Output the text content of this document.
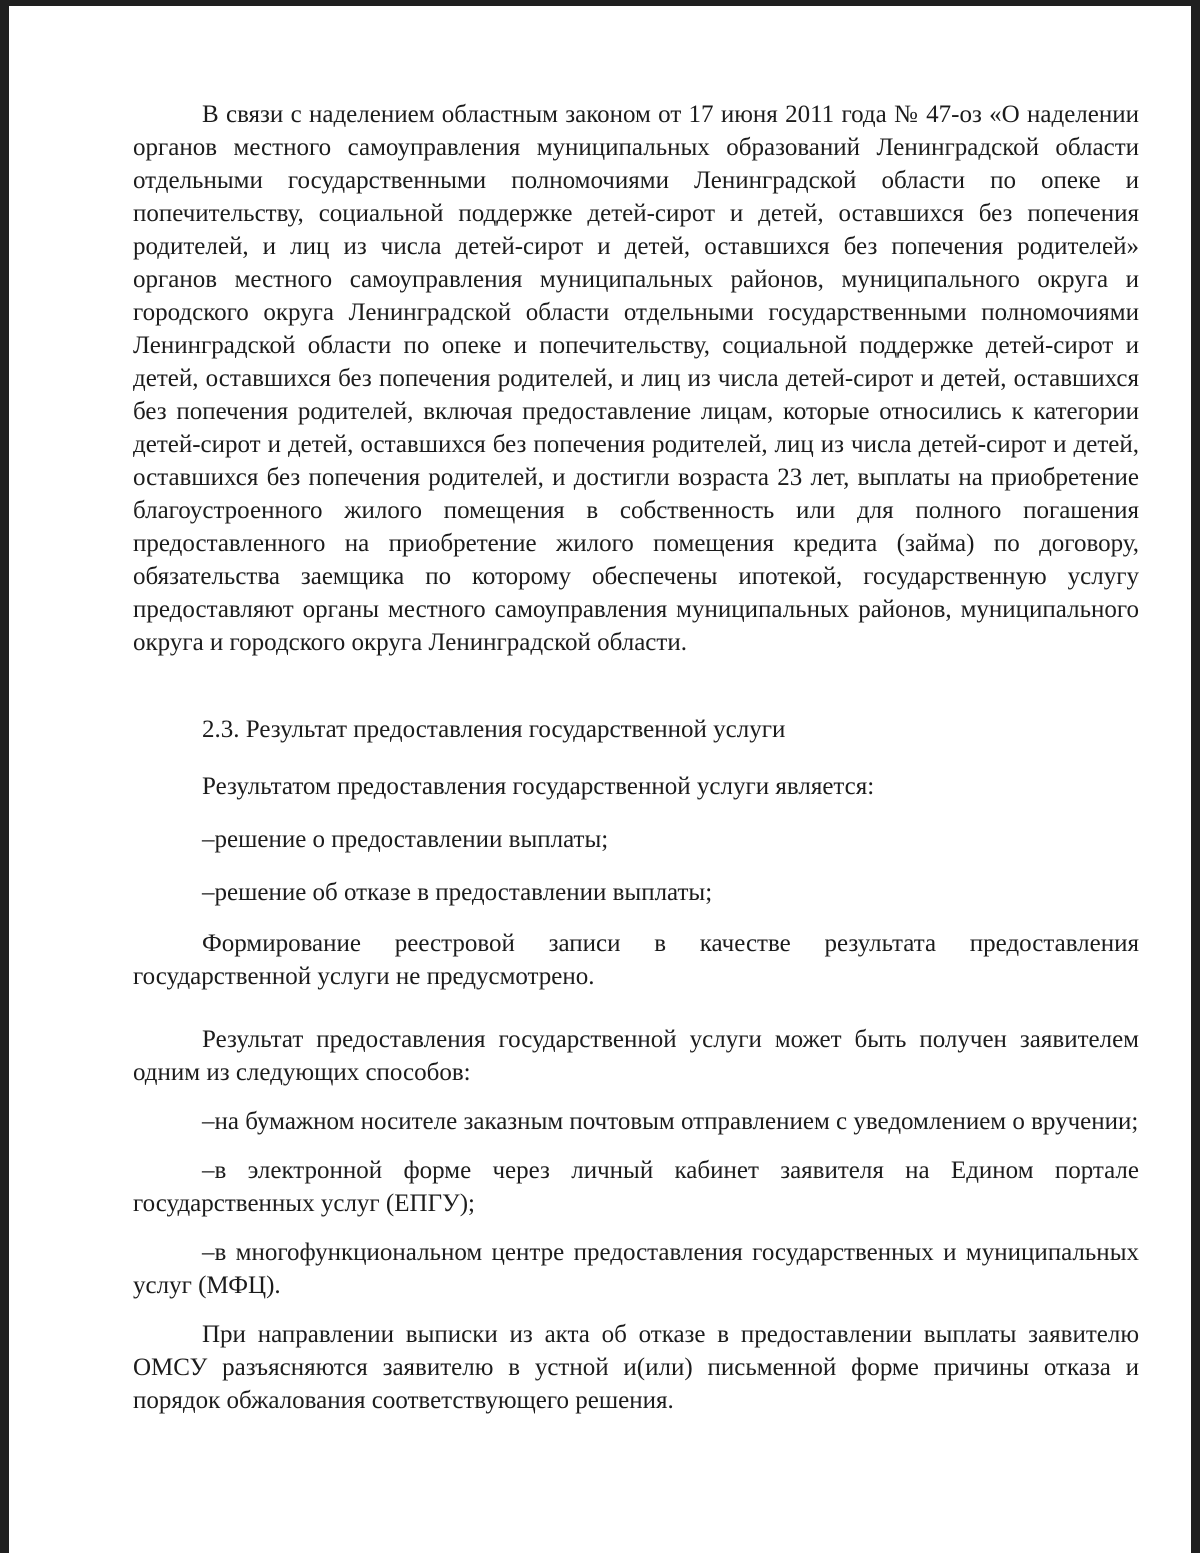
В связи с наделением областным законом от 17 июня 2011 года № 47-оз «О наделении органов местного самоуправления муниципальных образований Ленинградской области отдельными государственными полномочиями Ленинградской области по опеке и попечительству, социальной поддержке детей-сирот и детей, оставшихся без попечения родителей, и лиц из числа детей-сирот и детей, оставшихся без попечения родителей» органов местного самоуправления муниципальных районов, муниципального округа и городского округа Ленинградской области отдельными государственными полномочиями Ленинградской области по опеке и попечительству, социальной поддержке детей-сирот и детей, оставшихся без попечения родителей, и лиц из числа детей-сирот и детей, оставшихся без попечения родителей, включая предоставление лицам, которые относились к категории детей-сирот и детей, оставшихся без попечения родителей, лиц из числа детей-сирот и детей, оставшихся без попечения родителей, и достигли возраста 23 лет, выплаты на приобретение благоустроенного жилого помещения в собственность или для полного погашения предоставленного на приобретение жилого помещения кредита (займа) по договору, обязательства заемщика по которому обеспечены ипотекой, государственную услугу предоставляют органы местного самоуправления муниципальных районов, муниципального округа и городского округа Ленинградской области.

2.3. Результат предоставления государственной услуги

Результатом предоставления государственной услуги является:

–решение о предоставлении выплаты;

–решение об отказе в предоставлении выплаты;

Формирование реестровой записи в качестве результата предоставления государственной услуги не предусмотрено.

Результат предоставления государственной услуги может быть получен заявителем одним из следующих способов:

–на бумажном носителе заказным почтовым отправлением с уведомлением о вручении;

–в электронной форме через личный кабинет заявителя на Едином портале государственных услуг (ЕПГУ);

–в многофункциональном центре предоставления государственных и муниципальных услуг (МФЦ).

При направлении выписки из акта об отказе в предоставлении выплаты заявителю ОМСУ разъясняются заявителю в устной и(или) письменной форме причины отказа и порядок обжалования соответствующего решения.
